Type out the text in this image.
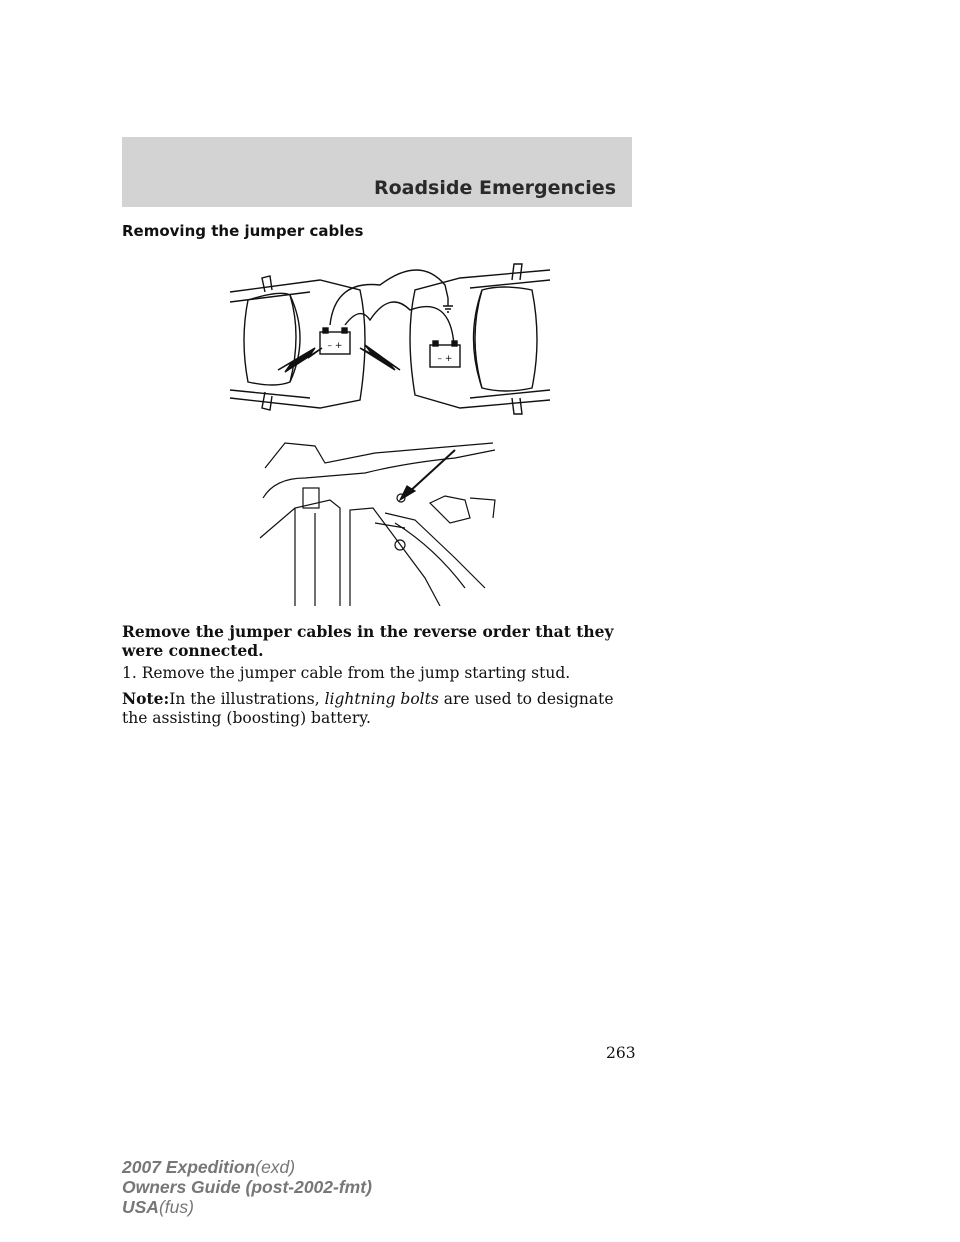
Roadside Emergencies
Removing the jumper cables
– +
– +
Remove the jumper cables in the reverse order that they were connected.
1. Remove the jumper cable from the jump starting stud.
Note:In the illustrations, lightning bolts are used to designate the assisting (boosting) battery.
263
2007 Expedition(exd)
Owners Guide (post-2002-fmt)
USA(fus)
